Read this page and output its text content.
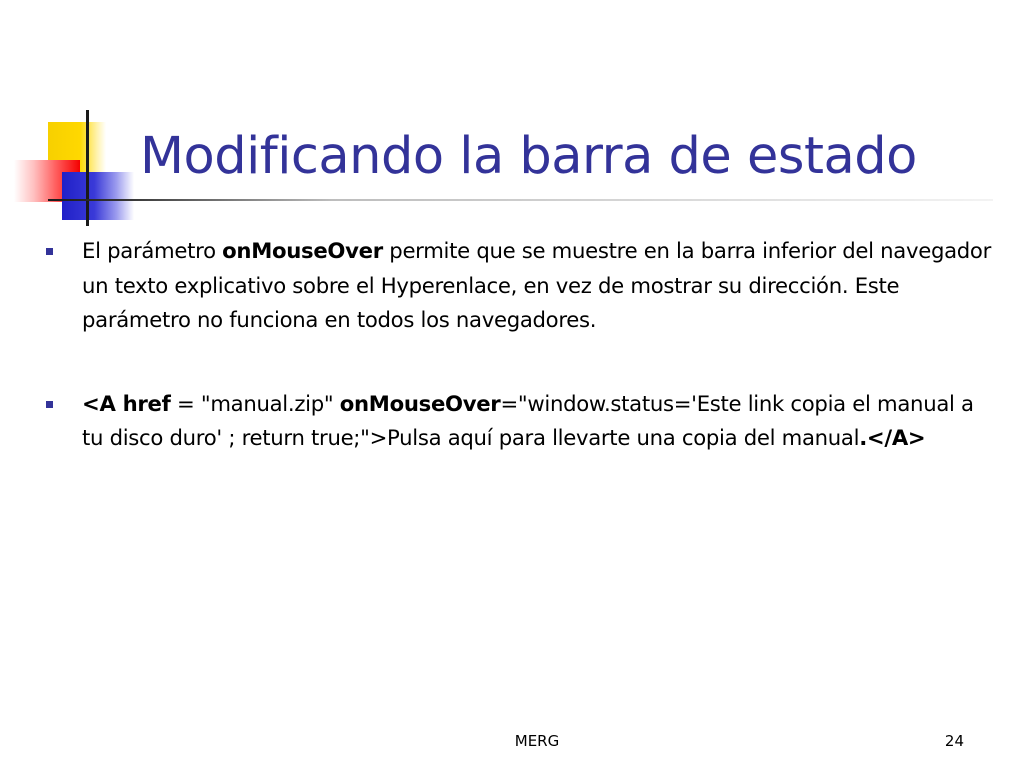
Modificando la barra de estado
El parámetro onMouseOver permite que se muestre en la barra inferior del navegador un texto explicativo sobre el Hyperenlace, en vez de mostrar su dirección. Este parámetro no funciona en todos los navegadores.
<A href = "manual.zip" onMouseOver="window.status='Este link copia el manual a tu disco duro' ; return true;">Pulsa aquí para llevarte una copia del manual.</A>
MERG	24
